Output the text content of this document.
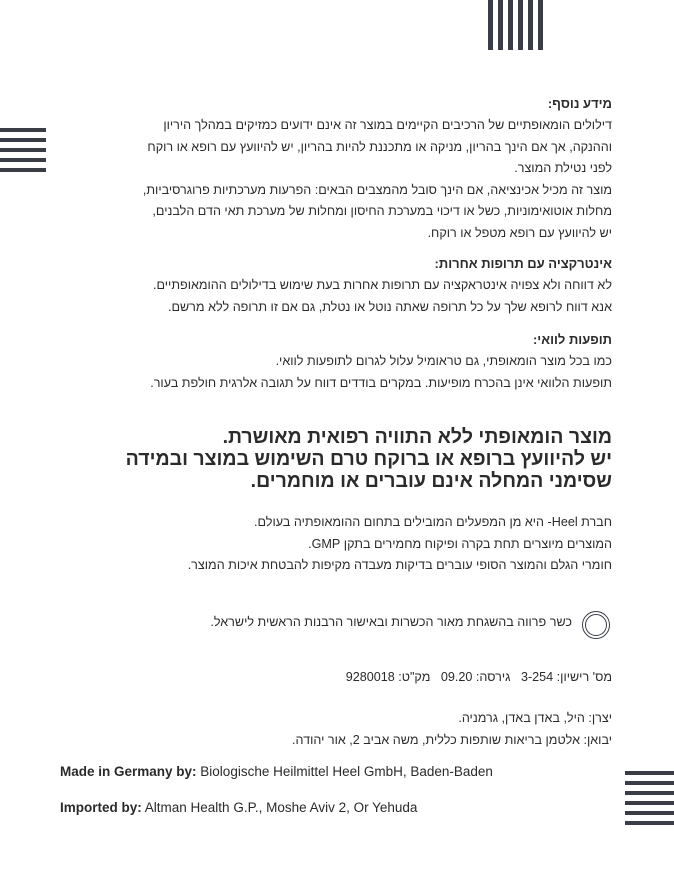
מידע נוסף:
דילולים הומאופתיים של הרכיבים הקיימים במוצר זה אינם ידועים כמזיקים במהלך היריון
וההנקה, אך אם הינך בהריון, מניקה או מתכננת להיות בהריון, יש להיוועץ עם רופא או רוקח
לפני נטילת המוצר.
מוצר זה מכיל אכינציאה, אם הינך סובל מהמצבים הבאים: הפרעות מערכתיות פרוגרסיביות,
מחלות אוטואימוניות, כשל או דיכוי במערכת החיסון ומחלות של מערכת תאי הדם הלבנים,
יש להיוועץ עם רופא מטפל או רוקח.
אינטרקציה עם תרופות אחרות:
לא דווחה ולא צפויה אינטראקציה עם תרופות אחרות בעת שימוש בדילולים ההומאופתיים.
אנא דווח לרופא שלך על כל תרופה שאתה נוטל או נטלת, גם אם זו תרופה ללא מרשם.
תופעות לוואי:
כמו בכל מוצר הומאופתי, גם טראומיל עלול לגרום לתופעות לוואי.
תופעות הלוואי אינן בהכרח מופיעות. במקרים בודדים דווח על תגובה אלרגית חולפת בעור.
מוצר הומאופתי ללא התוויה רפואית מאושרת.
יש להיוועץ ברופא או ברוקח טרם השימוש במוצר ובמידה
שסימני המחלה אינם עוברים או מוחמרים.
חברת Heel- היא מן המפעלים המובילים בתחום ההומאופתיה בעולם.
המוצרים מיוצרים תחת בקרה ופיקוח מחמירים בתקן GMP.
חומרי הגלם והמוצר הסופי עוברים בדיקות מעבדה מקיפות להבטחת איכות המוצר.
כשר פרווה בהשגחת מאור הכשרות ובאישור הרבנות הראשית לישראל.
מס' רישיון: 3-254   גירסה: 09.20   מק"ט: 9280018
יצרן: היל, באדן באדן, גרמניה.
יבואן: אלטמן בריאות שותפות כללית, משה אביב 2, אור יהודה.
Made in Germany by: Biologische Heilmittel Heel GmbH, Baden-Baden
Imported by: Altman Health G.P., Moshe Aviv 2, Or Yehuda
